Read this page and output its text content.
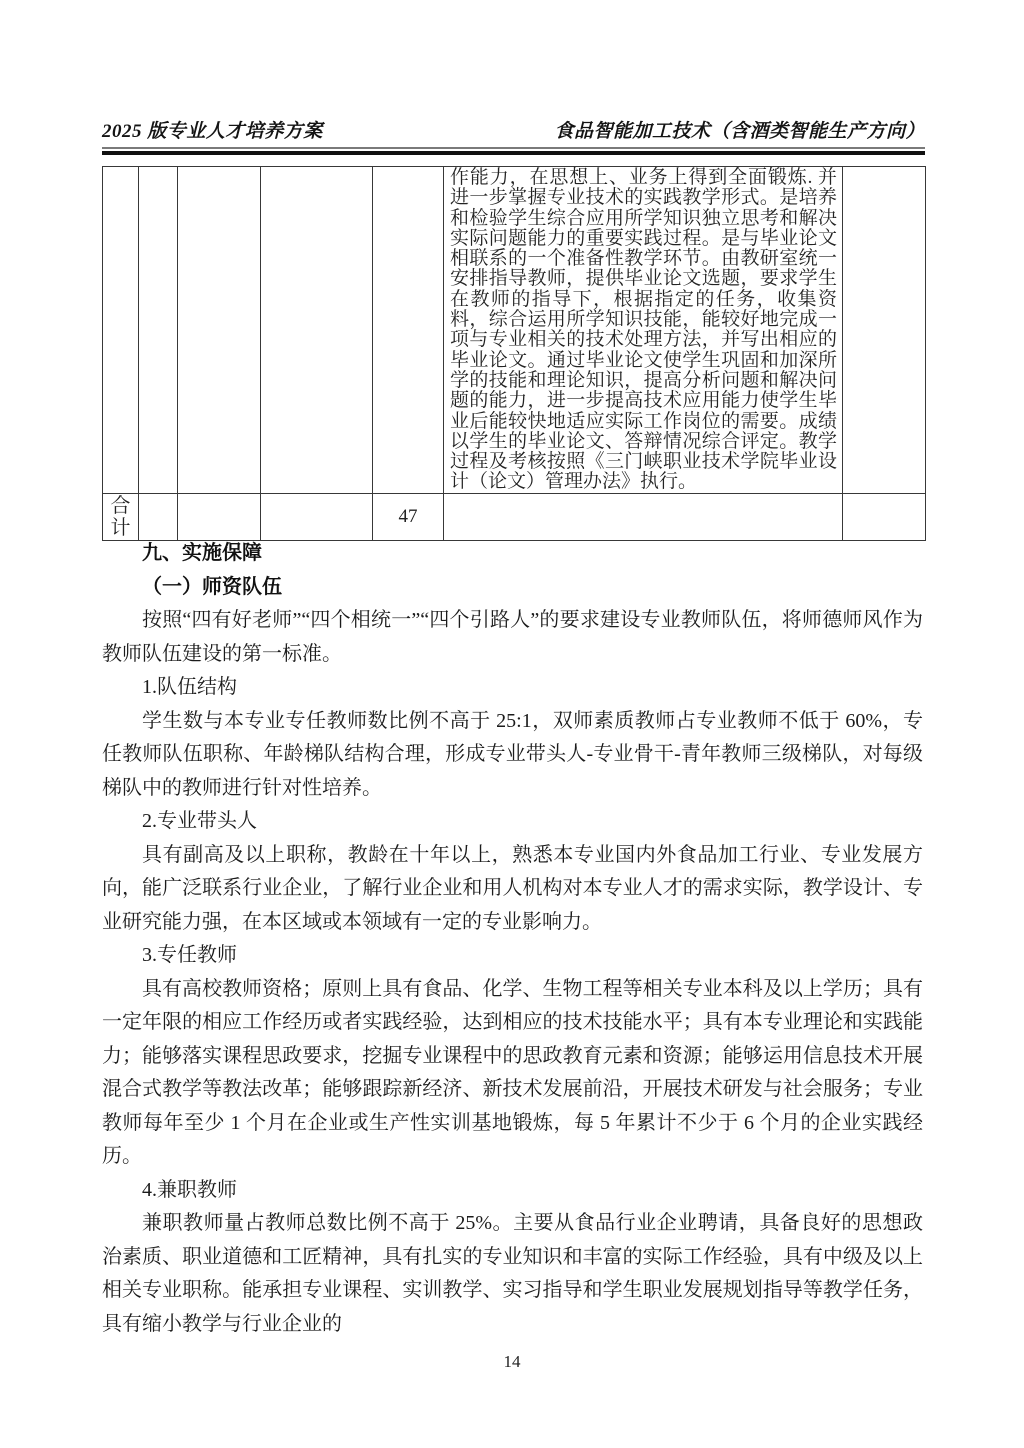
2025 版专业人才培养方案	食品智能加工技术（含酒类智能生产方向）

					作能力，在思想上、业务上得到全面锻炼. 并进一步掌握专业技术的实践教学形式。是培养和检验学生综合应用所学知识独立思考和解决实际问题能力的重要实践过程。是与毕业论文相联系的一个准备性教学环节。由教研室统一安排指导教师，提供毕业论文选题，要求学生在教师的指导下，根据指定的任务，收集资料，综合运用所学知识技能，能较好地完成一项与专业相关的技术处理方法，并写出相应的毕业论文。通过毕业论文使学生巩固和加深所学的技能和理论知识，提高分析问题和解决问题的能力，进一步提高技术应用能力使学生毕业后能较快地适应实际工作岗位的需要。成绩以学生的毕业论文、答辩情况综合评定。教学过程及考核按照《三门峡职业技术学院毕业设计（论文）管理办法》执行。	

合计				47		
九、实施保障
（一）师资队伍

按照“四有好老师”“四个相统一”“四个引路人”的要求建设专业教师队伍，将师德师风作为教师队伍建设的第一标准。

1.队伍结构

学生数与本专业专任教师数比例不高于 25:1，双师素质教师占专业教师不低于 60%，专任教师队伍职称、年龄梯队结构合理，形成专业带头人-专业骨干-青年教师三级梯队，对每级梯队中的教师进行针对性培养。

2.专业带头人

具有副高及以上职称，教龄在十年以上，熟悉本专业国内外食品加工行业、专业发展方向，能广泛联系行业企业，了解行业企业和用人机构对本专业人才的需求实际，教学设计、专业研究能力强，在本区域或本领域有一定的专业影响力。

3.专任教师

具有高校教师资格；原则上具有食品、化学、生物工程等相关专业本科及以上学历；具有一定年限的相应工作经历或者实践经验，达到相应的技术技能水平；具有本专业理论和实践能力；能够落实课程思政要求，挖掘专业课程中的思政教育元素和资源；能够运用信息技术开展混合式教学等教法改革；能够跟踪新经济、新技术发展前沿，开展技术研发与社会服务；专业教师每年至少 1 个月在企业或生产性实训基地锻炼，每 5 年累计不少于 6 个月的企业实践经历。

4.兼职教师

兼职教师量占教师总数比例不高于 25%。主要从食品行业企业聘请，具备良好的思想政治素质、职业道德和工匠精神，具有扎实的专业知识和丰富的实际工作经验，具有中级及以上相关专业职称。能承担专业课程、实训教学、实习指导和学生职业发展规划指导等教学任务，具有缩小教学与行业企业的

14
